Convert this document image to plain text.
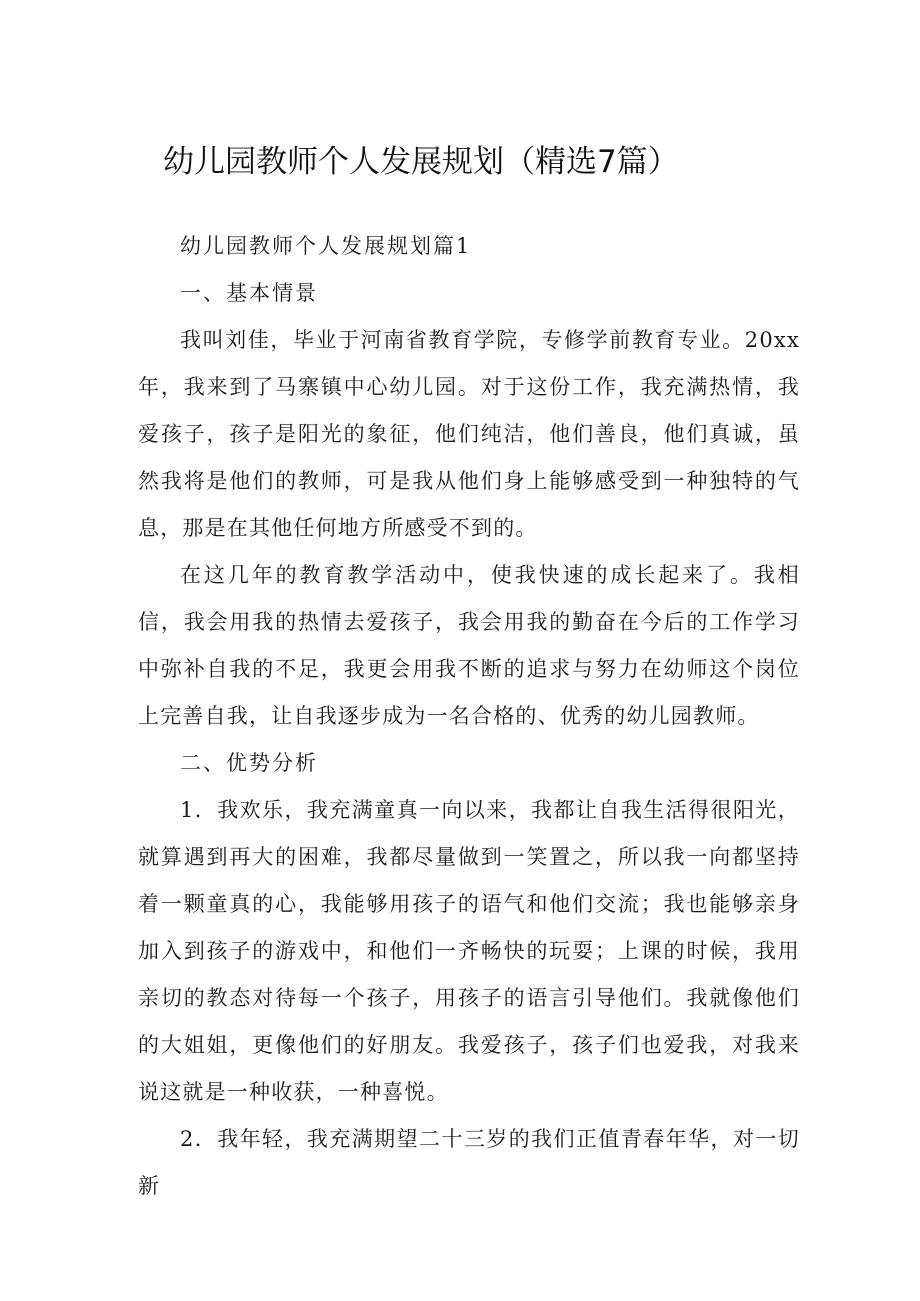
幼儿园教师个人发展规划（精选7篇）

幼儿园教师个人发展规划篇1

一、基本情景

我叫刘佳，毕业于河南省教育学院，专修学前教育专业。20xx年，我来到了马寨镇中心幼儿园。对于这份工作，我充满热情，我爱孩子，孩子是阳光的象征，他们纯洁，他们善良，他们真诚，虽然我将是他们的教师，可是我从他们身上能够感受到一种独特的气息，那是在其他任何地方所感受不到的。

在这几年的教育教学活动中，使我快速的成长起来了。我相信，我会用我的热情去爱孩子，我会用我的勤奋在今后的工作学习中弥补自我的不足，我更会用我不断的追求与努力在幼师这个岗位上完善自我，让自我逐步成为一名合格的、优秀的幼儿园教师。

二、优势分析

1．我欢乐，我充满童真一向以来，我都让自我生活得很阳光，就算遇到再大的困难，我都尽量做到一笑置之，所以我一向都坚持着一颗童真的心，我能够用孩子的语气和他们交流；我也能够亲身加入到孩子的游戏中，和他们一齐畅快的玩耍；上课的时候，我用亲切的教态对待每一个孩子，用孩子的语言引导他们。我就像他们的大姐姐，更像他们的好朋友。我爱孩子，孩子们也爱我，对我来说这就是一种收获，一种喜悦。

2．我年轻，我充满期望二十三岁的我们正值青春年华，对一切新
